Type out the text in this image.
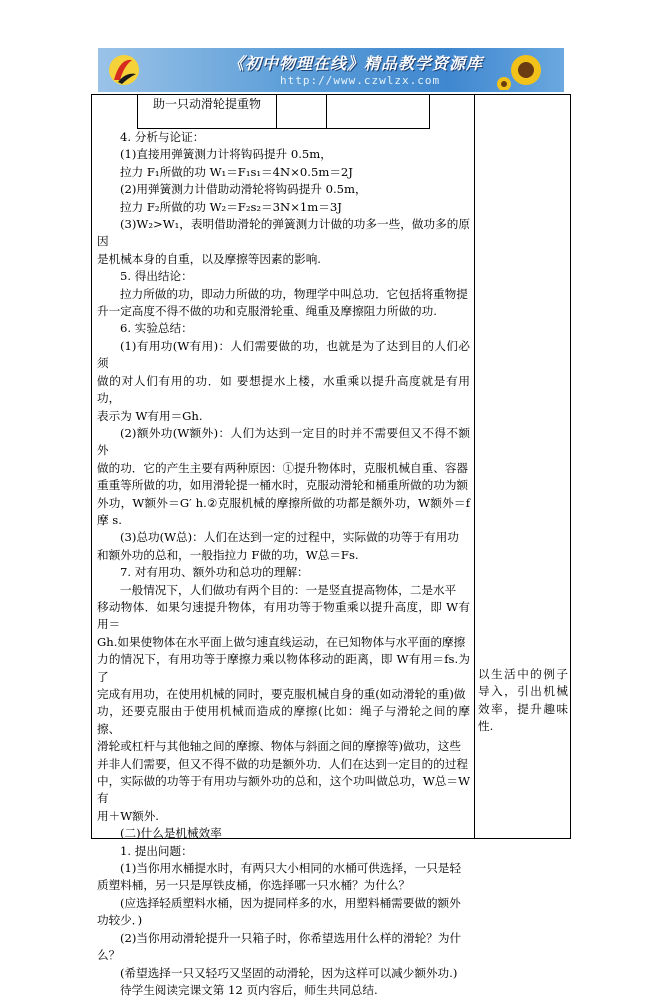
《初中物理在线》精品教学资源库
http://www.czwlzx.com
助一只动滑轮提重物

4. 分析与论证：

(1)直接用弹簧测力计将钩码提升 0.5m，

拉力 F₁所做的功 W₁＝F₁s₁＝4N×0.5m＝2J

(2)用弹簧测力计借助动滑轮将钩码提升 0.5m，

拉力 F₂所做的功 W₂＝F₂s₂＝3N×1m＝3J

(3)W₂>W₁，表明借助滑轮的弹簧测力计做的功多一些，做功多的原因

是机械本身的自重，以及摩擦等因素的影响.

5. 得出结论：

拉力所做的功，即动力所做的功，物理学中叫总功．它包括将重物提

升一定高度不得不做的功和克服滑轮重、绳重及摩擦阻力所做的功.

6. 实验总结：

(1)有用功(W有用)：人们需要做的功，也就是为了达到目的人们必须

做的对人们有用的功．如 要想提水上楼，水重乘以提升高度就是有用功，

表示为 W有用＝Gh.

(2)额外功(W额外)：人们为达到一定目的时并不需要但又不得不额外

做的功．它的产生主要有两种原因：①提升物体时，克服机械自重、容器

重重等所做的功，如用滑轮提一桶水时，克服动滑轮和桶重所做的功为额

外功，W额外＝G′ h.②克服机械的摩擦所做的功都是额外功，W额外＝f摩 s.

(3)总功(W总)：人们在达到一定的过程中，实际做的功等于有用功

和额外功的总和，一般指拉力 F做的功，W总＝Fs.

7. 对有用功、额外功和总功的理解：

一般情况下，人们做功有两个目的：一是竖直提高物体，二是水平

移动物体．如果匀速提升物体，有用功等于物重乘以提升高度，即 W有用＝

Gh.如果使物体在水平面上做匀速直线运动，在已知物体与水平面的摩擦

力的情况下，有用功等于摩擦力乘以物体移动的距离，即 W有用＝fs.为了

完成有用功，在使用机械的同时，要克服机械自身的重(如动滑轮的重)做

功，还要克服由于使用机械而造成的摩擦(比如：绳子与滑轮之间的摩擦、

滑轮或杠杆与其他轴之间的摩擦、物体与斜面之间的摩擦等)做功，这些

并非人们需要，但又不得不做的功是额外功．人们在达到一定目的的过程

中，实际做的功等于有用功与额外功的总和，这个功叫做总功，W总＝W有

用＋W额外.

(二)什么是机械效率

1. 提出问题：

(1)当你用水桶提水时，有两只大小相同的水桶可供选择，一只是轻

质塑料桶，另一只是厚铁皮桶，你选择哪一只水桶？为什么？

(应选择轻质塑料水桶，因为提同样多的水，用塑料桶需要做的额外

功较少．)

(2)当你用动滑轮提升一只箱子时，你希望选用什么样的滑轮？为什

么？

(希望选择一只又轻巧又坚固的动滑轮，因为这样可以减少额外功.)

待学生阅读完课文第 12 页内容后，师生共同总结.

以生活中的例子导入，引出机械效率，提升趣味性.
